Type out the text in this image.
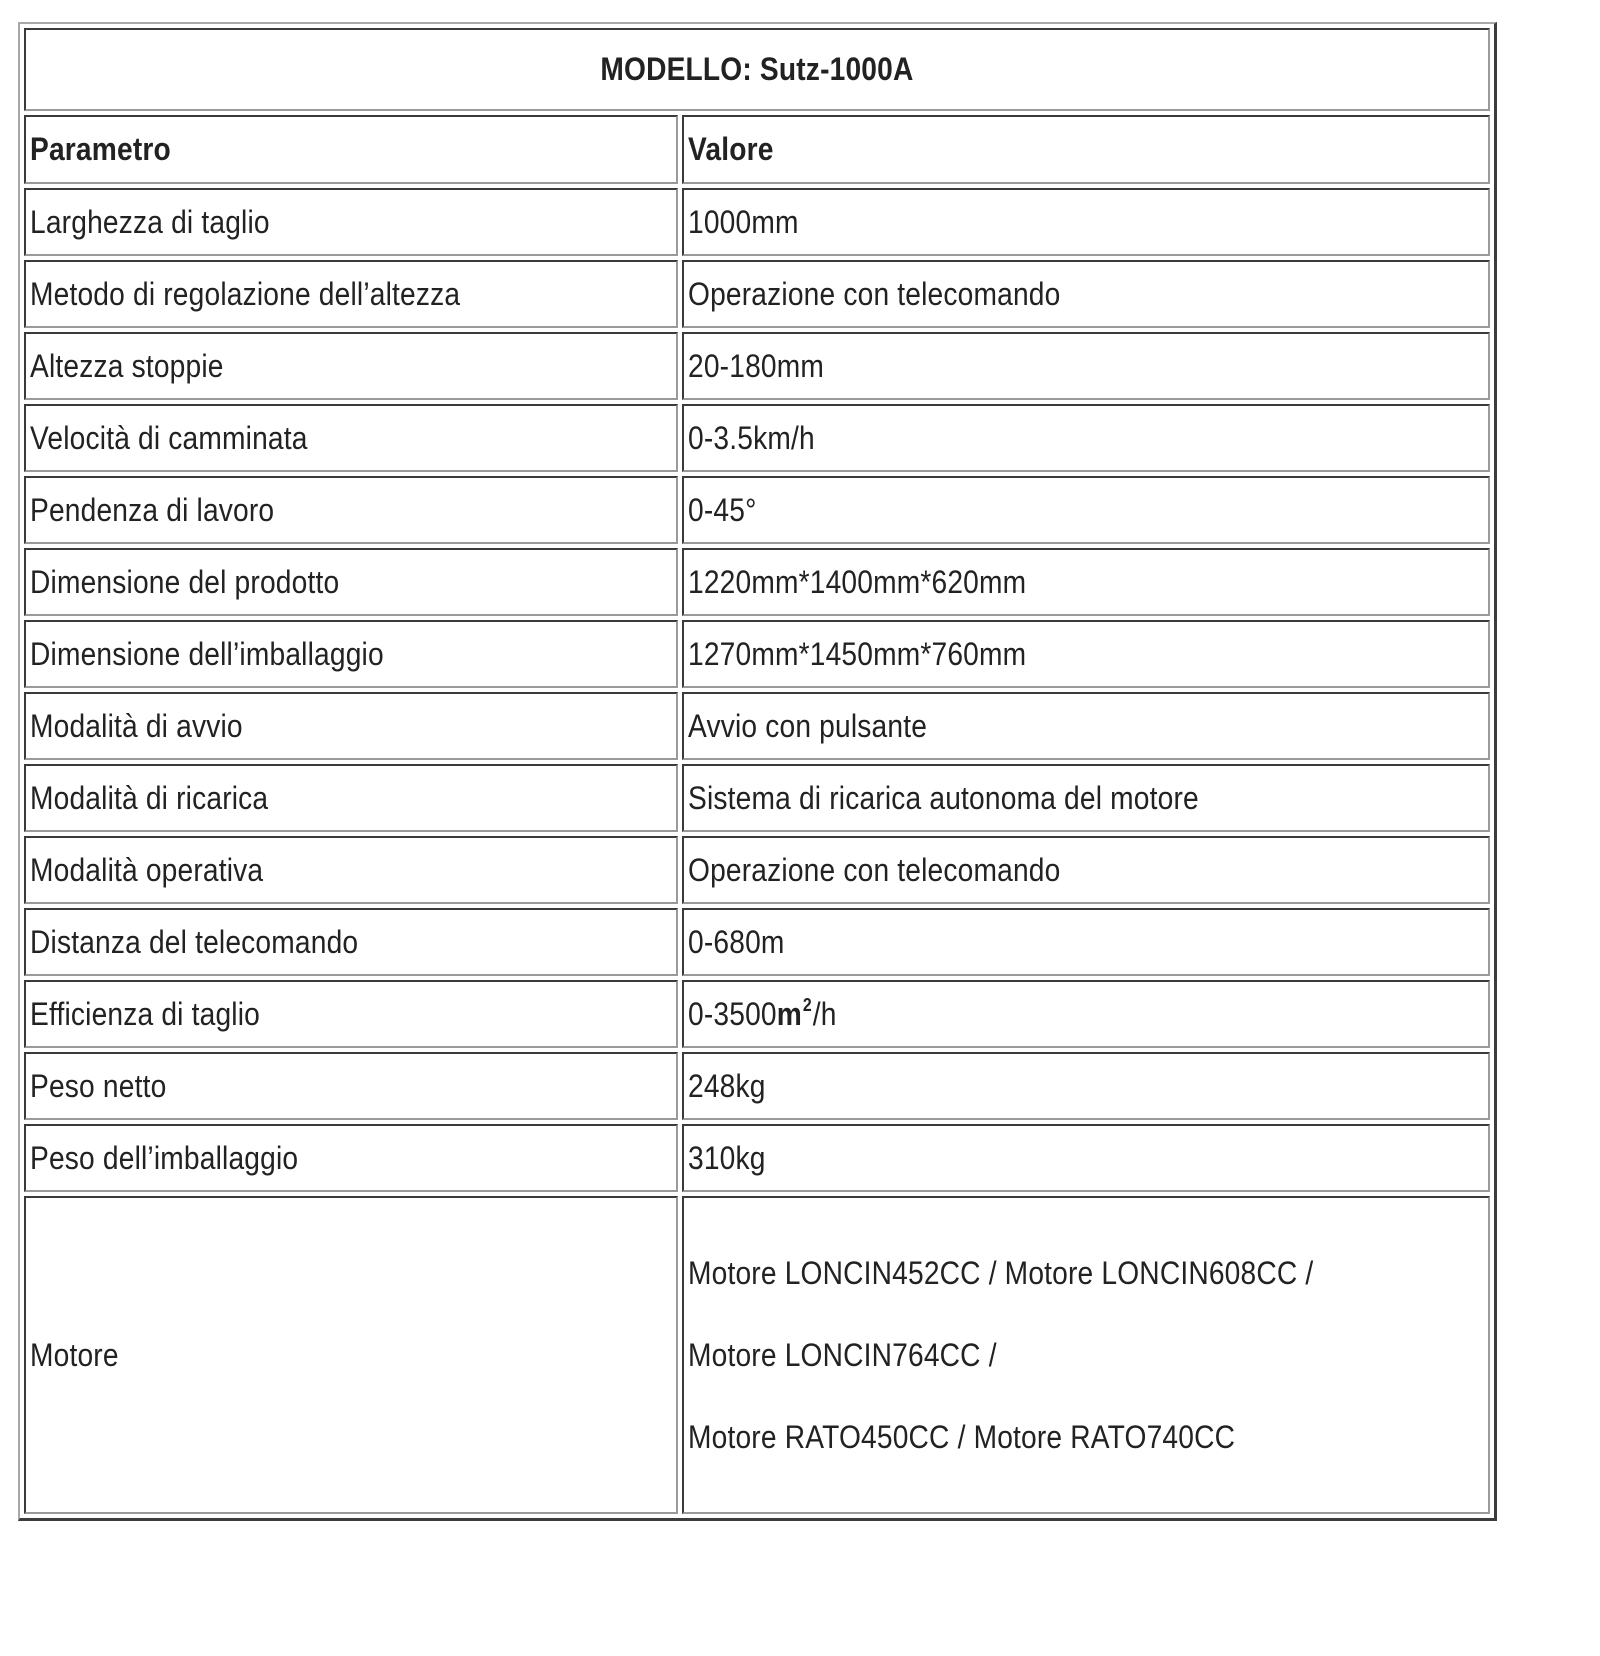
MODELLO: Sutz-1000A	
Parametro	Valore
Larghezza di taglio	1000mm
Metodo di regolazione dell’altezza	Operazione con telecomando
Altezza stoppie	20-180mm
Velocità di camminata	0-3.5km/h
Pendenza di lavoro	0-45°
Dimensione del prodotto	1220mm*1400mm*620mm
Dimensione dell’imballaggio	1270mm*1450mm*760mm
Modalità di avvio	Avvio con pulsante
Modalità di ricarica	Sistema di ricarica autonoma del motore
Modalità operativa	Operazione con telecomando
Distanza del telecomando	0-680m
Efficienza di taglio	0-3500m2/h
Peso netto	248kg
Peso dell’imballaggio	310kg
Motore	Motore LONCIN452CC / Motore LONCIN608CC /
Motore LONCIN764CC /
Motore RATO450CC / Motore RATO740CC
